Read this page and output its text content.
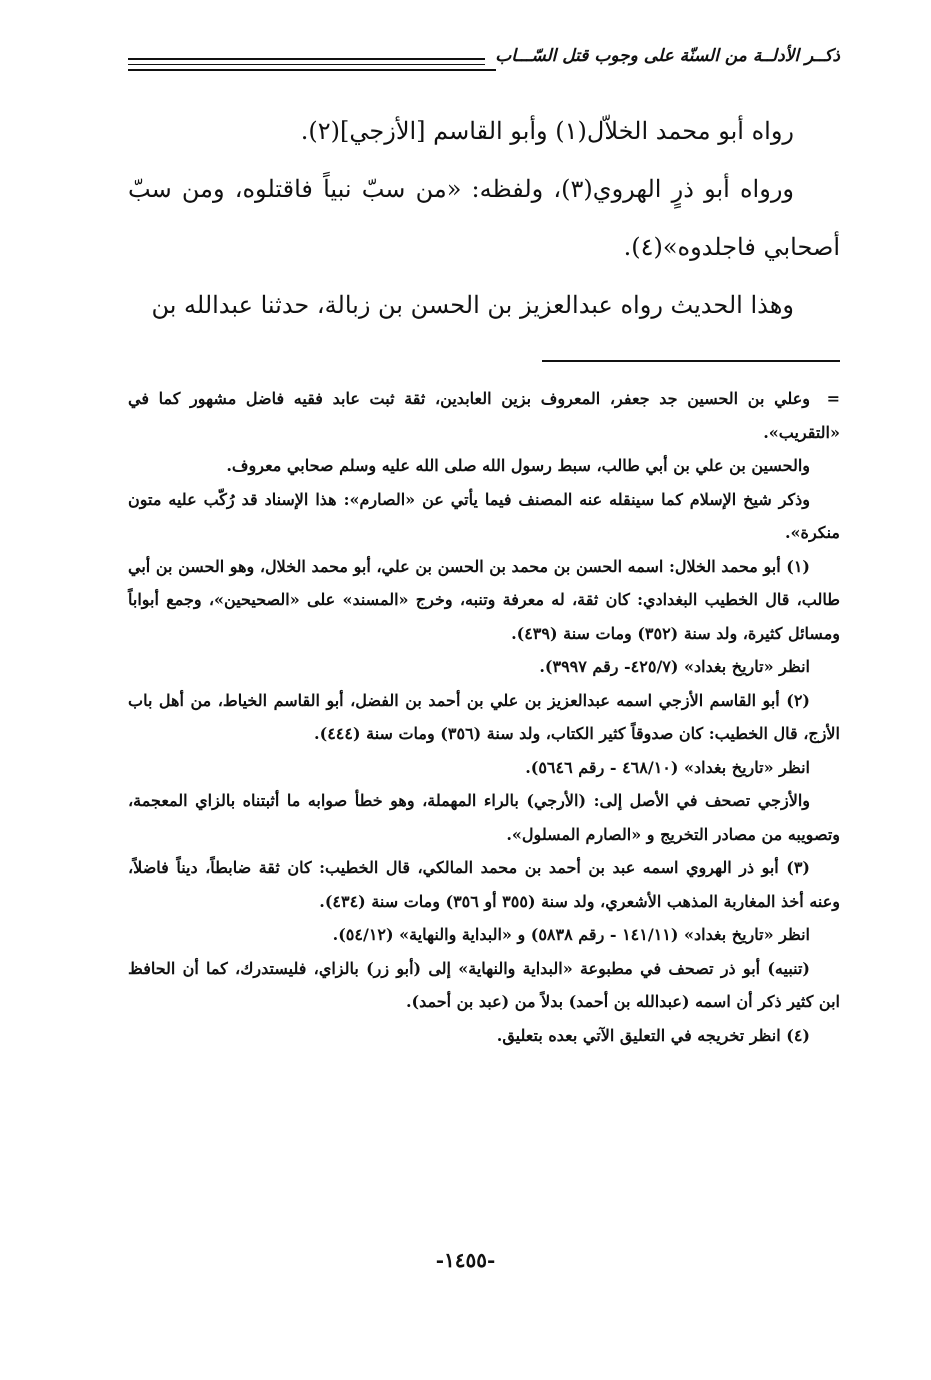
ذكــر الأدلــة من السنّة على وجوب قتل السّـــاب

رواه أبو محمد الخلاّل(١) وأبو القاسم [الأزجي](٢).

ورواه أبو ذرٍ الهروي(٣)، ولفظه: «من سبّ نبياً فاقتلوه، ومن سبّ أصحابي فاجلدوه»(٤).

وهذا الحديث رواه عبدالعزيز بن الحسن بن زبالة، حدثنا عبدالله بن

=وعلي بن الحسين جد جعفر، المعروف بزين العابدين، ثقة ثبت عابد فقيه فاضل مشهور كما في «التقريب».

والحسين بن علي بن أبي طالب، سبط رسول الله صلى الله عليه وسلم صحابي معروف.

وذكر شيخ الإسلام كما سينقله عنه المصنف فيما يأتي عن «الصارم»: هذا الإسناد قد رُكّب عليه متون منكرة».

(١) أبو محمد الخلال: اسمه الحسن بن محمد بن الحسن بن علي، أبو محمد الخلال، وهو الحسن بن أبي طالب، قال الخطيب البغدادي: كان ثقة، له معرفة وتنبه، وخرج «المسند» على «الصحيحين»، وجمع أبواباً ومسائل كثيرة، ولد سنة (٣٥٢) ومات سنة (٤٣٩).

انظر «تاريخ بغداد» (٤٢٥/٧- رقم ٣٩٩٧).

(٢) أبو القاسم الأزجي اسمه عبدالعزيز بن علي بن أحمد بن الفضل، أبو القاسم الخياط، من أهل باب الأزج، قال الخطيب: كان صدوقاً كثير الكتاب، ولد سنة (٣٥٦) ومات سنة (٤٤٤).

انظر «تاريخ بغداد» (٤٦٨/١٠ - رقم ٥٦٤٦).

والأزجي تصحف في الأصل إلى: (الأرجي) بالراء المهملة، وهو خطأ صوابه ما أثبتناه بالزاي المعجمة، وتصويبه من مصادر التخريج و «الصارم المسلول».

(٣) أبو ذر الهروي اسمه عبد بن أحمد بن محمد المالكي، قال الخطيب: كان ثقة ضابطاً، ديناً فاضلاً، وعنه أخذ المغاربة المذهب الأشعري، ولد سنة (٣٥٥ أو ٣٥٦) ومات سنة (٤٣٤).

انظر «تاريخ بغداد» (١٤١/١١ - رقم ٥٨٣٨) و «البداية والنهاية» (٥٤/١٢).

(تنبيه) أبو ذر تصحف في مطبوعة «البداية والنهاية» إلى (أبو زر) بالزاي، فليستدرك، كما أن الحافظ ابن كثير ذكر أن اسمه (عبدالله بن أحمد) بدلاً من (عبد بن أحمد).

(٤) انظر تخريجه في التعليق الآتي بعده بتعليق.

-١٤٥٥-
